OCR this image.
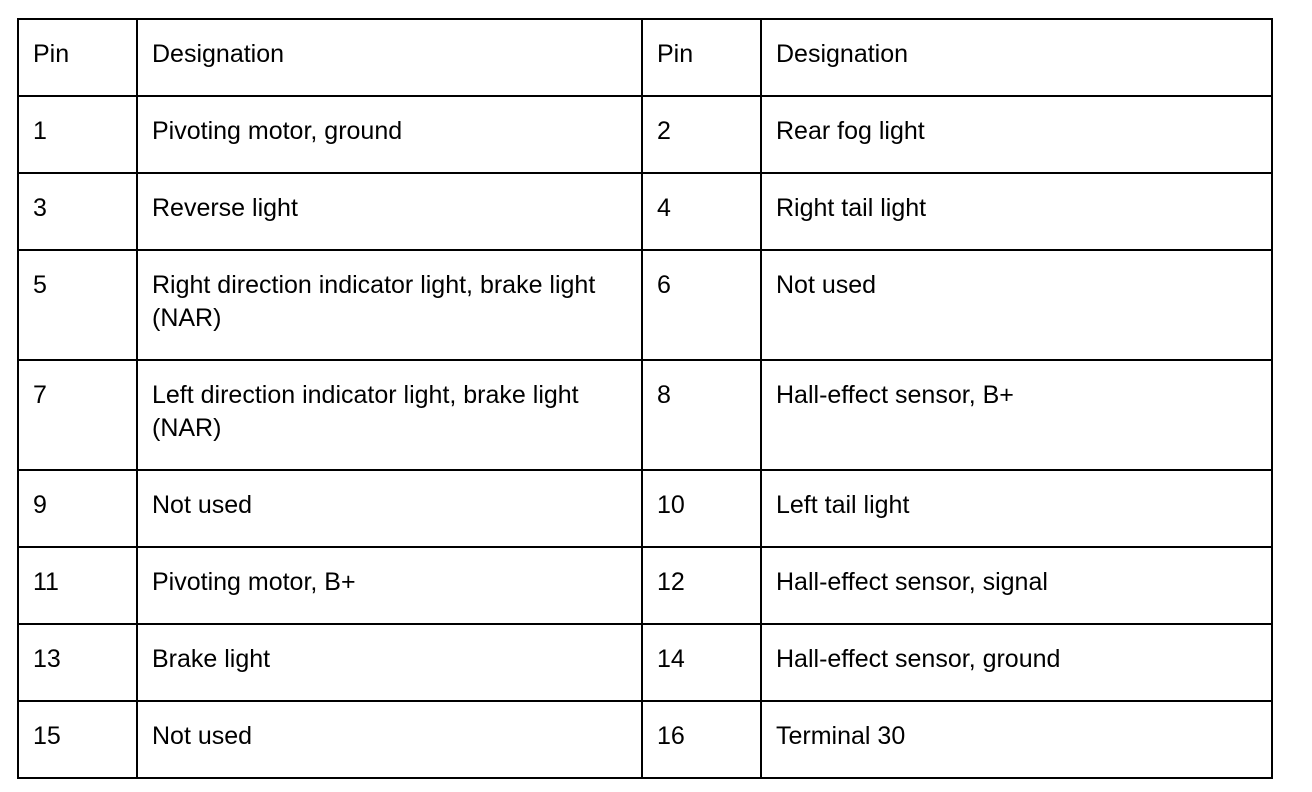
Pin	Designation	Pin	Designation
1	Pivoting motor, ground	2	Rear fog light
3	Reverse light	4	Right tail light
5	Right direction indicator light, brake light (NAR)	6	Not used
7	Left direction indicator light, brake light (NAR)	8	Hall-effect sensor, B+
9	Not used	10	Left tail light
11	Pivoting motor, B+	12	Hall-effect sensor, signal
13	Brake light	14	Hall-effect sensor, ground
15	Not used	16	Terminal 30
